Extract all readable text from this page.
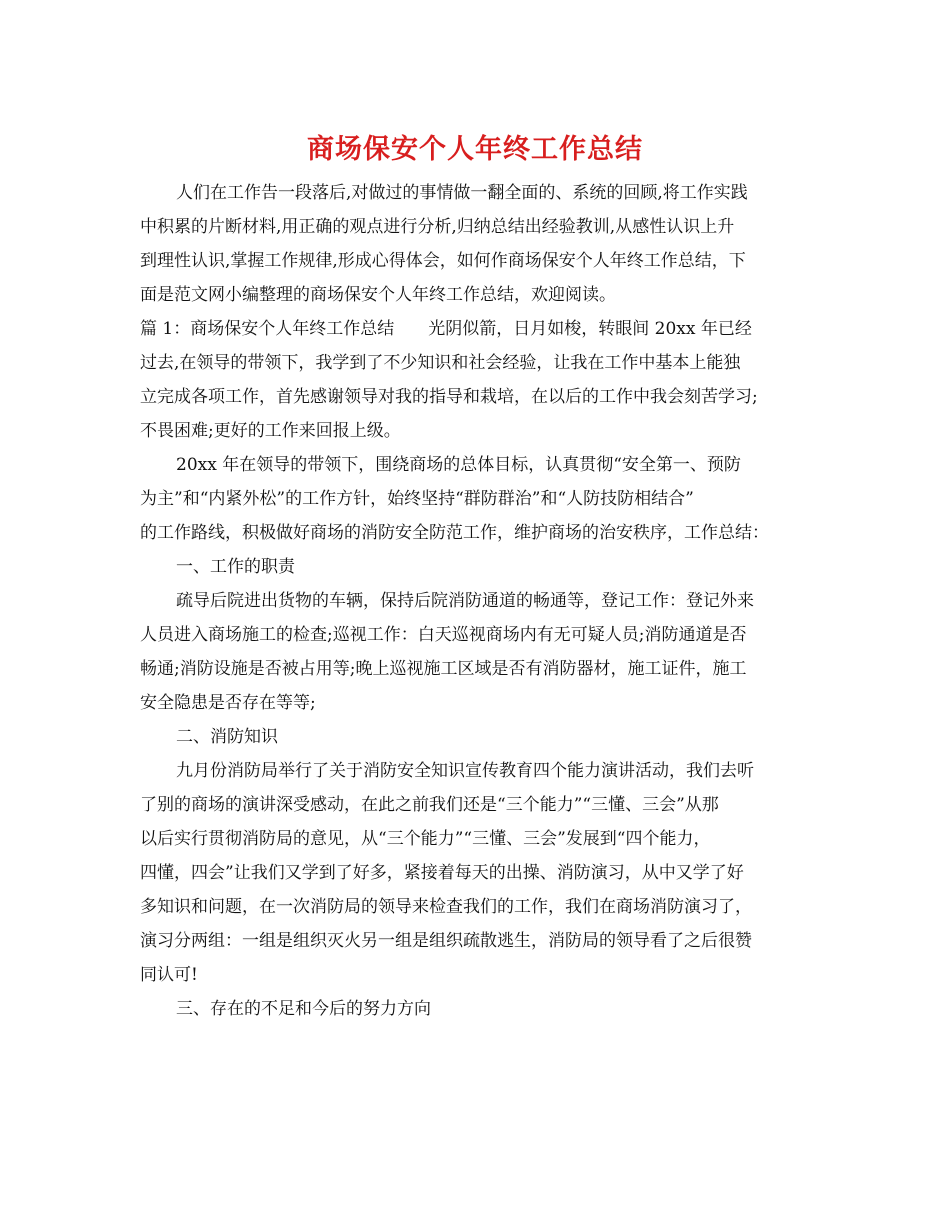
商场保安个人年终工作总结
人们在工作告一段落后,对做过的事情做一翻全面的、系统的回顾,将工作实践
中积累的片断材料,用正确的观点进行分析,归纳总结出经验教训,从感性认识上升
到理性认识,掌握工作规律,形成心得体会，如何作商场保安个人年终工作总结，下
面是范文网小编整理的商场保安个人年终工作总结，欢迎阅读。
篇 1：商场保安个人年终工作总结　　光阴似箭，日月如梭，转眼间 20xx 年已经
过去,在领导的带领下，我学到了不少知识和社会经验，让我在工作中基本上能独
立完成各项工作，首先感谢领导对我的指导和栽培，在以后的工作中我会刻苦学习;
不畏困难;更好的工作来回报上级。
20xx 年在领导的带领下，围绕商场的总体目标，认真贯彻“安全第一、预防
为主”和“内紧外松”的工作方针，始终坚持“群防群治”和“人防技防相结合”
的工作路线，积极做好商场的消防安全防范工作，维护商场的治安秩序，工作总结：
一、工作的职责
疏导后院进出货物的车辆，保持后院消防通道的畅通等，登记工作：登记外来
人员进入商场施工的检查;巡视工作：白天巡视商场内有无可疑人员;消防通道是否
畅通;消防设施是否被占用等;晚上巡视施工区域是否有消防器材，施工证件，施工
安全隐患是否存在等等;
二、消防知识
九月份消防局举行了关于消防安全知识宣传教育四个能力演讲活动，我们去听
了别的商场的演讲深受感动，在此之前我们还是“三个能力”“三懂、三会”从那
以后实行贯彻消防局的意见，从“三个能力”“三懂、三会”发展到“四个能力，
四懂，四会”让我们又学到了好多，紧接着每天的出操、消防演习，从中又学了好
多知识和问题，在一次消防局的领导来检查我们的工作，我们在商场消防演习了，
演习分两组：一组是组织灭火另一组是组织疏散逃生，消防局的领导看了之后很赞
同认可!
三、存在的不足和今后的努力方向
